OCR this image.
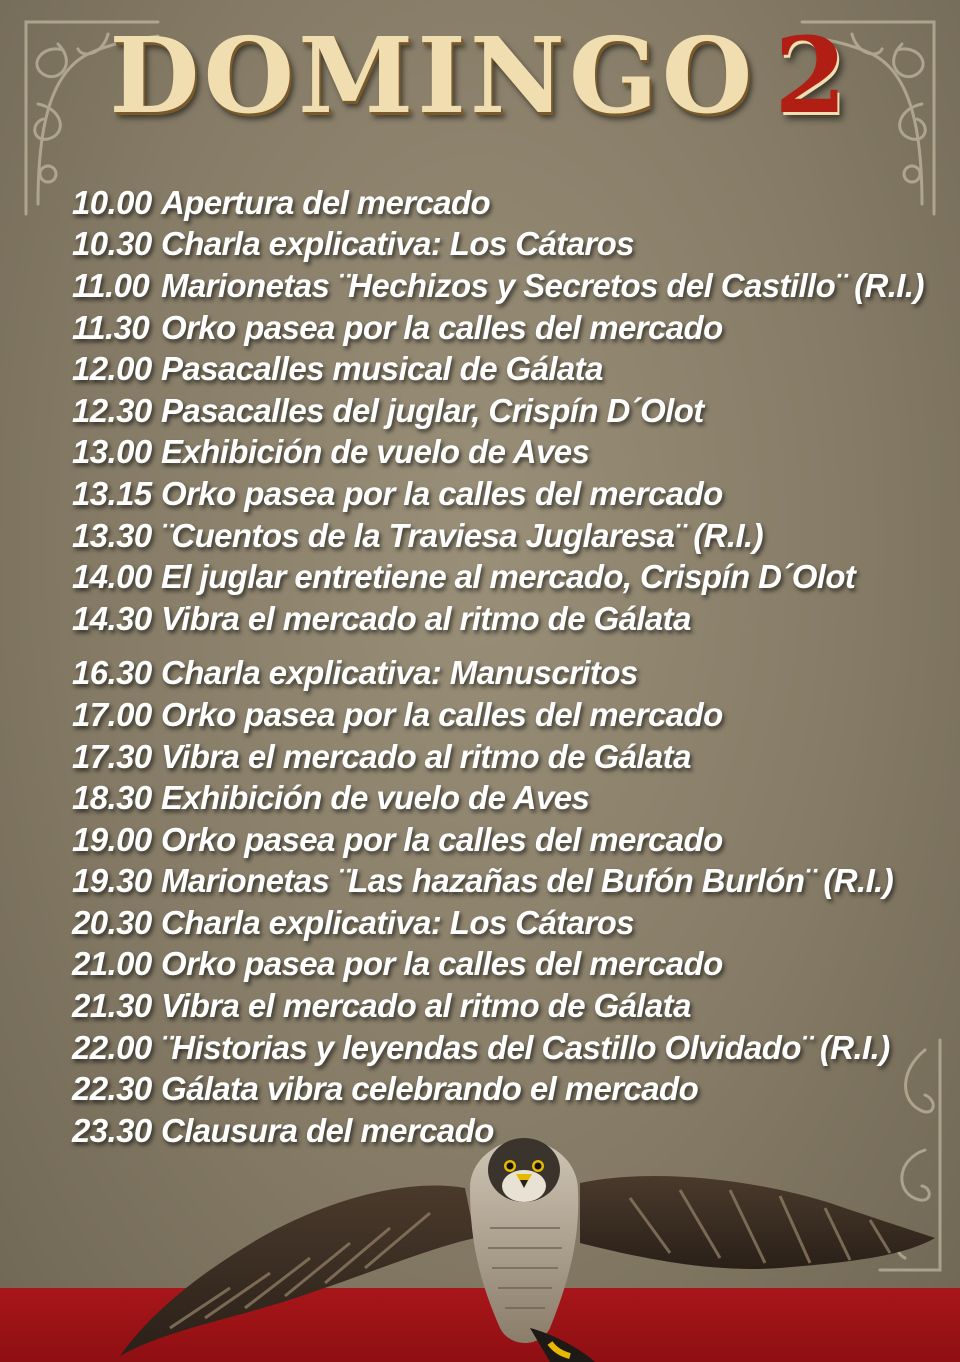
DOMINGO 2
10.00 Apertura del mercado
10.30 Charla explicativa: Los Cátaros
11.00 Marionetas ¨Hechizos y Secretos del Castillo¨ (R.I.)
11.30 Orko pasea por la calles del mercado
12.00 Pasacalles musical de Gálata
12.30 Pasacalles del juglar, Crispín D´Olot
13.00 Exhibición de vuelo de Aves
13.15 Orko pasea por la calles del mercado
13.30 ¨Cuentos de la Traviesa Juglaresa¨ (R.I.)
14.00 El juglar entretiene al mercado, Crispín D´Olot
14.30 Vibra el mercado al ritmo de Gálata
16.30 Charla explicativa: Manuscritos
17.00 Orko pasea por la calles del mercado
17.30 Vibra el mercado al ritmo de Gálata
18.30 Exhibición de vuelo de Aves
19.00 Orko pasea por la calles del mercado
19.30 Marionetas ¨Las hazañas del Bufón Burlón¨ (R.I.)
20.30 Charla explicativa: Los Cátaros
21.00 Orko pasea por la calles del mercado
21.30 Vibra el mercado al ritmo de Gálata
22.00 ¨Historias y leyendas del Castillo Olvidado¨ (R.I.)
22.30 Gálata vibra celebrando el mercado
23.30 Clausura del mercado
